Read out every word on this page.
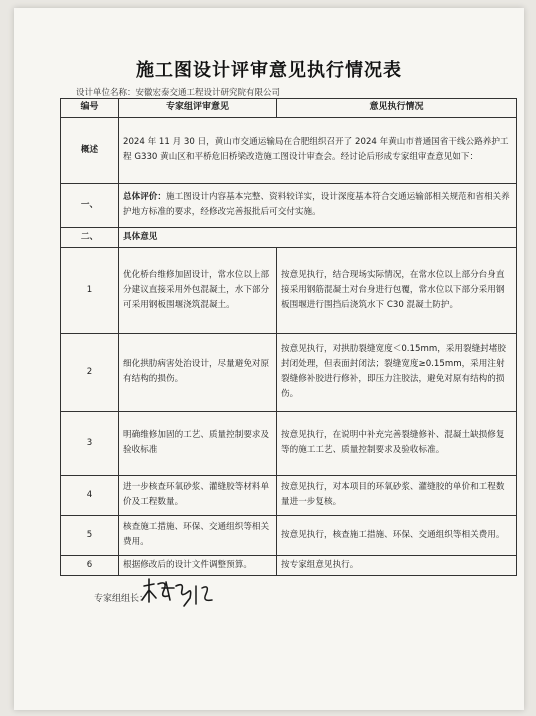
施工图设计评审意见执行情况表
设计单位名称：安徽宏泰交通工程设计研究院有限公司
编号	专家组评审意见	意见执行情况
概述	2024 年 11 月 30 日，黄山市交通运输局在合肥组织召开了 2024 年黄山市普通国省干线公路养护工程 G330 黄山区和平桥危旧桥梁改造施工图设计审查会。经讨论后形成专家组审查意见如下：	
一、	总体评价：施工图设计内容基本完整、资料较详实，设计深度基本符合交通运输部相关规范和省相关养护地方标准的要求，经修改完善报批后可交付实施。	
二、	具体意见	
1	优化桥台维修加固设计，常水位以上部分建议直接采用外包混凝土，水下部分可采用钢板围堰浇筑混凝土。	按意见执行，结合现场实际情况，在常水位以上部分台身直接采用钢筋混凝土对台身进行包覆，常水位以下部分采用钢板围堰进行围挡后浇筑水下 C30 混凝土防护。
2	细化拱肋病害处治设计，尽量避免对原有结构的损伤。	按意见执行，对拱肋裂缝宽度＜0.15mm，采用裂缝封堵胶封闭处理，但表面封闭法；裂缝宽度≥0.15mm，采用注射裂缝修补胶进行修补，即压力注胶法，避免对原有结构的损伤。
3	明确维修加固的工艺、质量控制要求及验收标准	按意见执行，在说明中补充完善裂缝修补、混凝土缺损修复等的施工工艺、质量控制要求及验收标准。
4	进一步核查环氧砂浆、灌缝胶等材料单价及工程数量。	按意见执行，对本项目的环氧砂浆、灌缝胶的单价和工程数量进一步复核。
5	核查施工措施、环保、交通组织等相关费用。	按意见执行，核查施工措施、环保、交通组织等相关费用。
6	根据修改后的设计文件调整预算。	按专家组意见执行。
专家组组长：
